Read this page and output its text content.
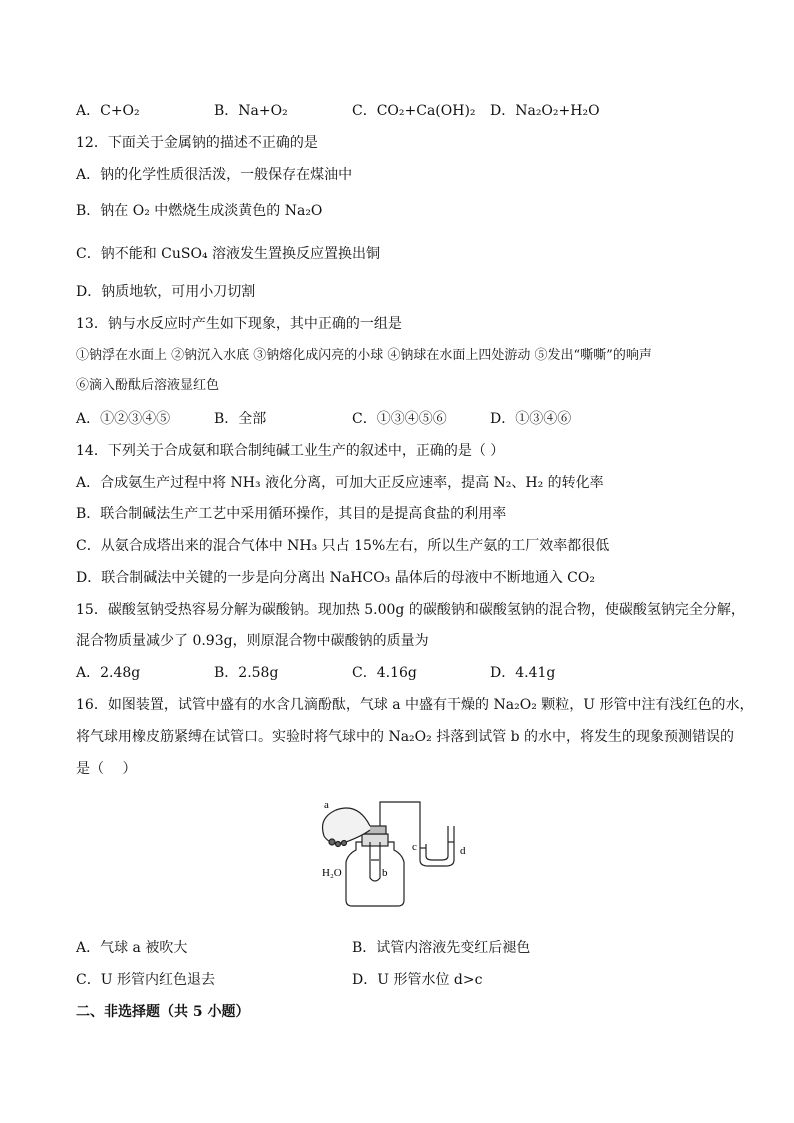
A．C+O₂	B．Na+O₂	C．CO₂+Ca(OH)₂ D．Na₂O₂+H₂O
12．下面关于金属钠的描述不正确的是
A．钠的化学性质很活泼，一般保存在煤油中
B．钠在 O₂ 中燃烧生成淡黄色的 Na₂O
C．钠不能和 CuSO₄ 溶液发生置换反应置换出铜
D．钠质地软，可用小刀切割
13．钠与水反应时产生如下现象，其中正确的一组是
①钠浮在水面上 ②钠沉入水底 ③钠熔化成闪亮的小球 ④钠球在水面上四处游动 ⑤发出“嘶嘶”的响声
⑥滴入酚酞后溶液显红色
A．①②③④⑤	B．全部	C．①③④⑤⑥	D．①③④⑥
14．下列关于合成氨和联合制纯碱工业生产的叙述中，正确的是（ ）
A．合成氨生产过程中将 NH₃ 液化分离，可加大正反应速率，提高 N₂、H₂ 的转化率
B．联合制碱法生产工艺中采用循环操作，其目的是提高食盐的利用率
C．从氨合成塔出来的混合气体中 NH₃ 只占 15%左右，所以生产氨的工厂效率都很低
D．联合制碱法中关键的一步是向分离出 NaHCO₃ 晶体后的母液中不断地通入 CO₂
15．碳酸氢钠受热容易分解为碳酸钠。现加热 5.00g 的碳酸钠和碳酸氢钠的混合物，使碳酸氢钠完全分解，
混合物质量减少了 0.93g，则原混合物中碳酸钠的质量为
A．2.48g	B．2.58g	C．4.16g	D．4.41g
16．如图装置，试管中盛有的水含几滴酚酞，气球 a 中盛有干燥的 Na₂O₂ 颗粒，U 形管中注有浅红色的水，
将气球用橡皮筋紧缚在试管口。实验时将气球中的 Na₂O₂ 抖落到试管 b 的水中，将发生的现象预测错误的
是（　 ）
a
b
c	d
H₂O
A．气球 a 被吹大	B．试管内溶液先变红后褪色
C．U 形管内红色退去	D．U 形管水位 d>c
二、非选择题（共 5 小题）
